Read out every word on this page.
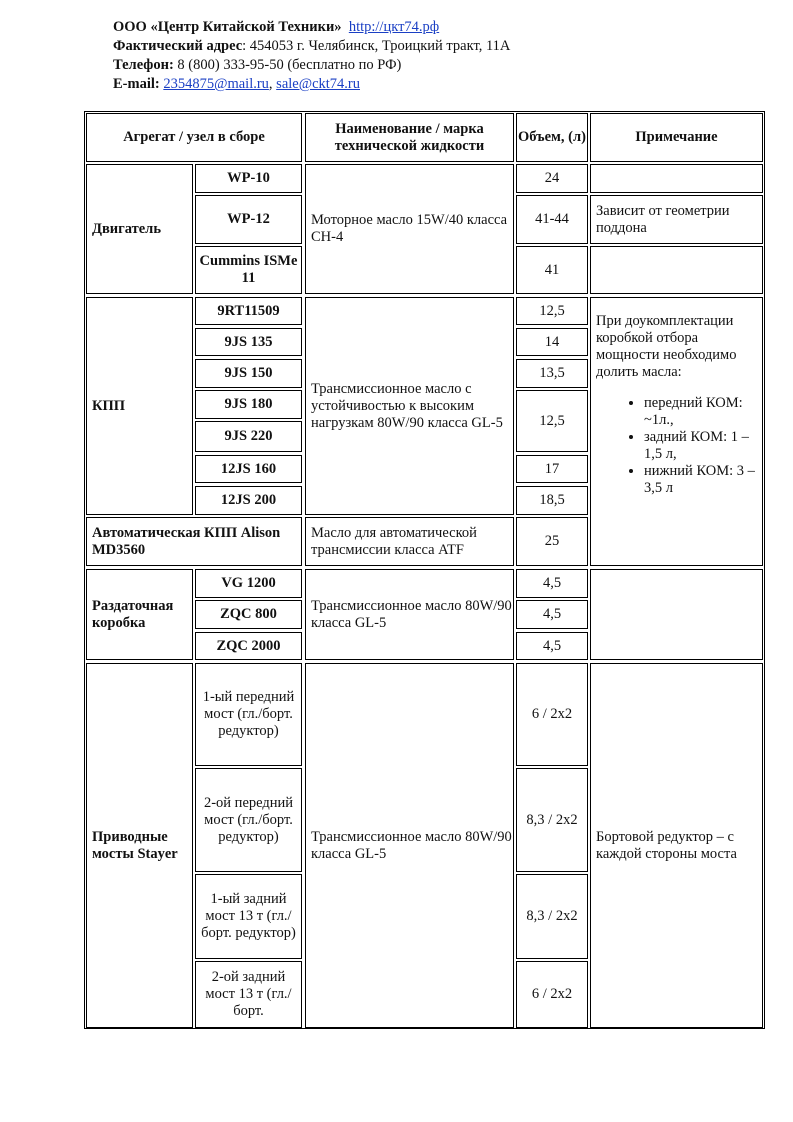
ООО «Центр Китайской Техники» http://цкт74.рф
Фактический адрес: 454053 г. Челябинск, Троицкий тракт, 11А
Телефон: 8 (800) 333-95-50 (бесплатно по РФ)
E-mail: 2354875@mail.ru, sale@ckt74.ru
Агрегат / узел в сборе
Наименование / марка технической жидкости
Объем, (л)	Примечание
Двигатель
WP-10
WP-12
Cummins ISMe 11
Моторное масло 15W/40 класса CH-4
24
41-44
41
Зависит от геометрии поддона
КПП
9RT11509
9JS 135
9JS 150
9JS 180
9JS 220
12JS 160
12JS 200
Трансмиссионное масло с устойчивостью к высоким нагрузкам 80W/90 класса GL-5
12,5
14
13,5
12,5
17
18,5
При доукомплектации коробкой отбора мощности необходимо долить масла:
• передний КОМ: ~1л.,
• задний КОМ: 1 – 1,5 л,
• нижний КОМ: 3 – 3,5 л
Автоматическая КПП Alison MD3560
Масло для автоматической трансмиссии класса ATF
25
Раздаточная коробка
VG 1200
ZQC 800
ZQC 2000
Трансмиссионное масло 80W/90 класса GL-5
4,5
4,5
4,5
Приводные мосты Stayer
1-ый передний мост (гл./борт. редуктор)
2-ой передний мост (гл./борт. редуктор)
1-ый задний мост 13 т (гл./борт. редуктор)
2-ой задний мост 13 т (гл./борт.
Трансмиссионное масло 80W/90 класса GL-5
6 / 2x2
8,3 / 2x2
8,3 / 2x2
6 / 2x2
Бортовой редуктор – с каждой стороны моста
